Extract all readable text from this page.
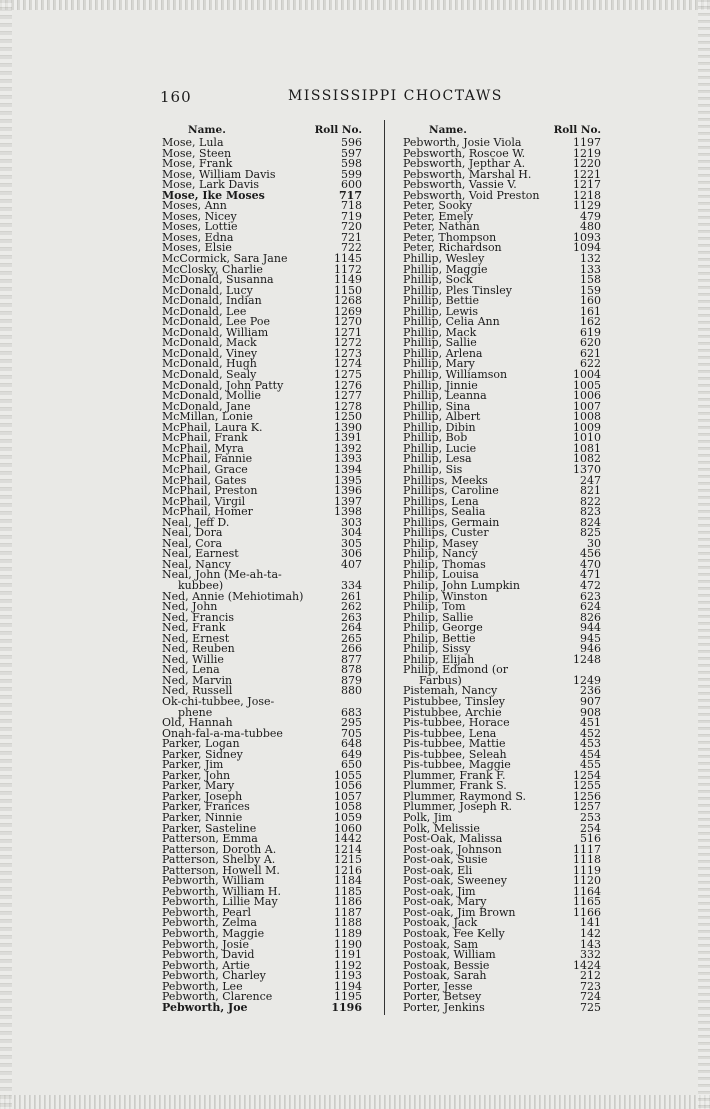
160	MISSISSIPPI CHOCTAWS
Name.	Roll No.
Mose, Lula	596
Mose, Steen	597
Mose, Frank	598
Mose, William Davis	599
Mose, Lark Davis	600
Mose, Ike Moses	717
Moses, Ann	718
Moses, Nicey	719
Moses, Lottie	720
Moses, Edna	721
Moses, Elsie	722
McCormick, Sara Jane	1145
McClosky, Charlie	1172
McDonald, Susanna	1149
McDonald, Lucy	1150
McDonald, Indian	1268
McDonald, Lee	1269
McDonald, Lee Poe	1270
McDonald, William	1271
McDonald, Mack	1272
McDonald, Viney	1273
McDonald, Hugh	1274
McDonald, Sealy	1275
McDonald, John Patty	1276
McDonald, Mollie	1277
McDonald, Jane	1278
McMillan, Lonie	1250
McPhail, Laura K.	1390
McPhail, Frank	1391
McPhail, Myra	1392
McPhail, Fannie	1393
McPhail, Grace	1394
McPhail, Gates	1395
McPhail, Preston	1396
McPhail, Virgil	1397
McPhail, Homer	1398
Neal, Jeff D.	303
Neal, Dora	304
Neal, Cora	305
Neal, Earnest	306
Neal, Nancy	407
Neal, John (Me-ah-ta-
kubbee)	334
Ned, Annie (Mehiotimah)	261
Ned, John	262
Ned, Francis	263
Ned, Frank	264
Ned, Ernest	265
Ned, Reuben	266
Ned, Willie	877
Ned, Lena	878
Ned, Marvin	879
Ned, Russell	880
Ok-chi-tubbee, Jose-
phene	683
Old, Hannah	295
Onah-fal-a-ma-tubbee	705
Parker, Logan	648
Parker, Sidney	649
Parker, Jim	650
Parker, John	1055
Parker, Mary	1056
Parker, Joseph	1057
Parker, Frances	1058
Parker, Ninnie	1059
Parker, Sasteline	1060
Patterson, Emma	1442
Patterson, Doroth A.	1214
Patterson, Shelby A.	1215
Patterson, Howell M.	1216
Pebworth, William	1184
Pebworth, William H.	1185
Pebworth, Lillie May	1186
Pebworth, Pearl	1187
Pebworth, Zelma	1188
Pebworth, Maggie	1189
Pebworth, Josie	1190
Pebworth, David	1191
Pebworth, Artie	1192
Pebworth, Charley	1193
Pebworth, Lee	1194
Pebworth, Clarence	1195
Pebworth, Joe	1196
Name.	Roll No.
Pebworth, Josie Viola	1197
Pebsworth, Roscoe W.	1219
Pebsworth, Jepthar A.	1220
Pebsworth, Marshal H.	1221
Pebsworth, Vassie V.	1217
Pebsworth, Void Preston	1218
Peter, Sooky	1129
Peter, Emely	479
Peter, Nathan	480
Peter, Thompson	1093
Peter, Richardson	1094
Phillip, Wesley	132
Phillip, Maggie	133
Phillip, Sock	158
Phillip, Ples Tinsley	159
Phillip, Bettie	160
Phillip, Lewis	161
Phillip, Celia Ann	162
Phillip, Mack	619
Phillip, Sallie	620
Phillip, Arlena	621
Phillip, Mary	622
Phillip, Williamson	1004
Phillip, Jinnie	1005
Phillip, Leanna	1006
Phillip, Sina	1007
Phillip, Albert	1008
Phillip, Dibin	1009
Phillip, Bob	1010
Phillip, Lucie	1081
Phillip, Lesa	1082
Phillip, Sis	1370
Phillips, Meeks	247
Phillips, Caroline	821
Phillips, Lena	822
Phillips, Sealia	823
Phillips, Germain	824
Phillips, Custer	825
Philip, Masey	30
Philip, Nancy	456
Philip, Thomas	470
Philip, Louisa	471
Philip, John Lumpkin	472
Philip, Winston	623
Philip, Tom	624
Philip, Sallie	826
Philip, George	944
Philip, Bettie	945
Philip, Sissy	946
Philip, Elijah	1248
Philip, Edmond (or
Farbus)	1249
Pistemah, Nancy	236
Pistubbee, Tinsley	907
Pistubbee, Archie	908
Pis-tubbee, Horace	451
Pis-tubbee, Lena	452
Pis-tubbee, Mattie	453
Pis-tubbee, Seleah	454
Pis-tubbee, Maggie	455
Plummer, Frank F.	1254
Plummer, Frank S.	1255
Plummer, Raymond S.	1256
Plummer, Joseph R.	1257
Polk, Jim	253
Polk, Melissie	254
Post-Oak, Malissa	516
Post-oak, Johnson	1117
Post-oak, Susie	1118
Post-oak, Eli	1119
Post-oak, Sweeney	1120
Post-oak, Jim	1164
Post-oak, Mary	1165
Post-oak, Jim Brown	1166
Postoak, Jack	141
Postoak, Fee Kelly	142
Postoak, Sam	143
Postoak, William	332
Postoak, Bessie	1424
Postoak, Sarah	212
Porter, Jesse	723
Porter, Betsey	724
Porter, Jenkins	725
